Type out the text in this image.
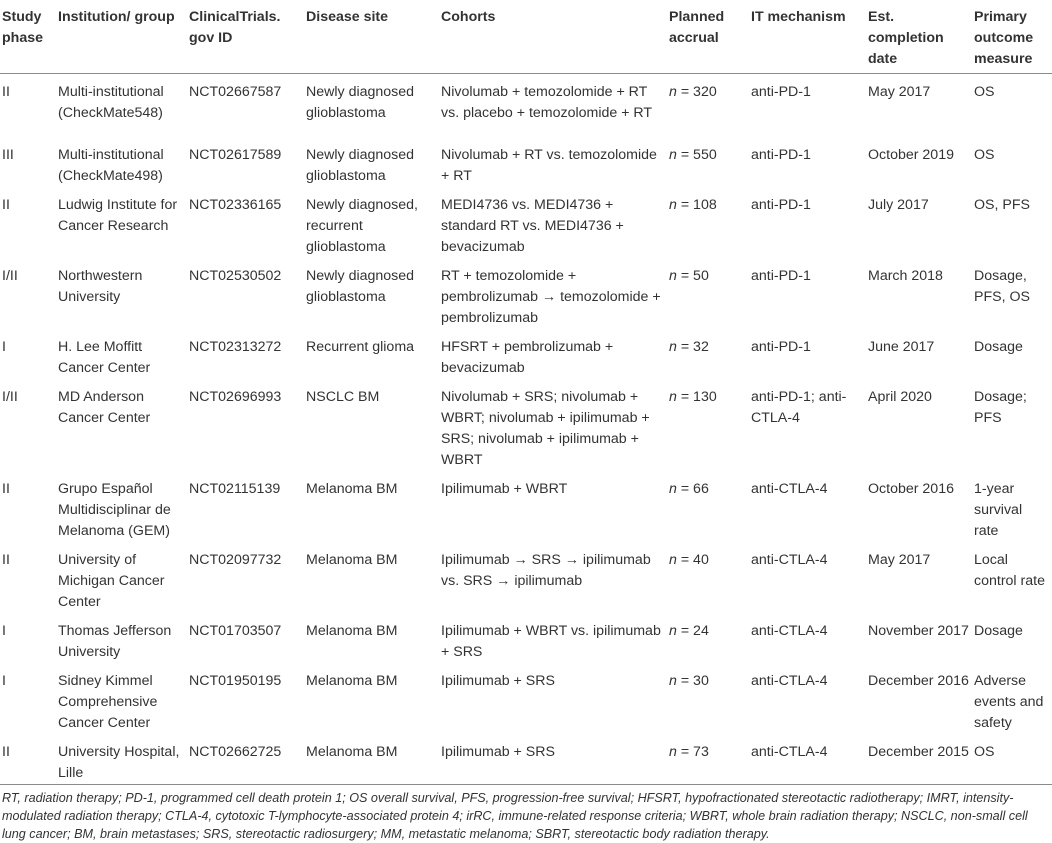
Study phase	Institution/ group	ClinicalTrials. gov ID	Disease site	Cohorts	Planned accrual	IT mechanism	Est. completion date	Primary outcome measure
II	Multi-institutional (CheckMate548)	NCT02667587	Newly diagnosed glioblastoma	Nivolumab + temozolomide + RT vs. placebo + temozolomide + RT	n = 320	anti-PD-1	May 2017	OS
III	Multi-institutional (CheckMate498)	NCT02617589	Newly diagnosed glioblastoma	Nivolumab + RT vs. temozolomide + RT	n = 550	anti-PD-1	October 2019	OS
II	Ludwig Institute for Cancer Research	NCT02336165	Newly diagnosed, recurrent glioblastoma	MEDI4736 vs. MEDI4736 + standard RT vs. MEDI4736 + bevacizumab	n = 108	anti-PD-1	July 2017	OS, PFS
I/II	Northwestern University	NCT02530502	Newly diagnosed glioblastoma	RT + temozolomide + pembrolizumab → temozolomide + pembrolizumab	n = 50	anti-PD-1	March 2018	Dosage, PFS, OS
I	H. Lee Moffitt Cancer Center	NCT02313272	Recurrent glioma	HFSRT + pembrolizumab + bevacizumab	n = 32	anti-PD-1	June 2017	Dosage
I/II	MD Anderson Cancer Center	NCT02696993	NSCLC BM	Nivolumab + SRS; nivolumab + WBRT; nivolumab + ipilimumab + SRS; nivolumab + ipilimumab + WBRT	n = 130	anti-PD-1; anti-CTLA-4	April 2020	Dosage; PFS
II	Grupo Español Multidisciplinar de Melanoma (GEM)	NCT02115139	Melanoma BM	Ipilimumab + WBRT	n = 66	anti-CTLA-4	October 2016	1-year survival rate
II	University of Michigan Cancer Center	NCT02097732	Melanoma BM	Ipilimumab → SRS → ipilimumab vs. SRS → ipilimumab	n = 40	anti-CTLA-4	May 2017	Local control rate
I	Thomas Jefferson University	NCT01703507	Melanoma BM	Ipilimumab + WBRT vs. ipilimumab + SRS	n = 24	anti-CTLA-4	November 2017	Dosage
I	Sidney Kimmel Comprehensive Cancer Center	NCT01950195	Melanoma BM	Ipilimumab + SRS	n = 30	anti-CTLA-4	December 2016	Adverse events and safety
II	University Hospital, Lille	NCT02662725	Melanoma BM	Ipilimumab + SRS	n = 73	anti-CTLA-4	December 2015	OS
RT, radiation therapy; PD-1, programmed cell death protein 1; OS overall survival, PFS, progression-free survival; HFSRT, hypofractionated stereotactic radiotherapy; IMRT, intensity-modulated radiation therapy; CTLA-4, cytotoxic T-lymphocyte-associated protein 4; irRC, immune-related response criteria; WBRT, whole brain radiation therapy; NSCLC, non-small cell lung cancer; BM, brain metastases; SRS, stereotactic radiosurgery; MM, metastatic melanoma; SBRT, stereotactic body radiation therapy.
